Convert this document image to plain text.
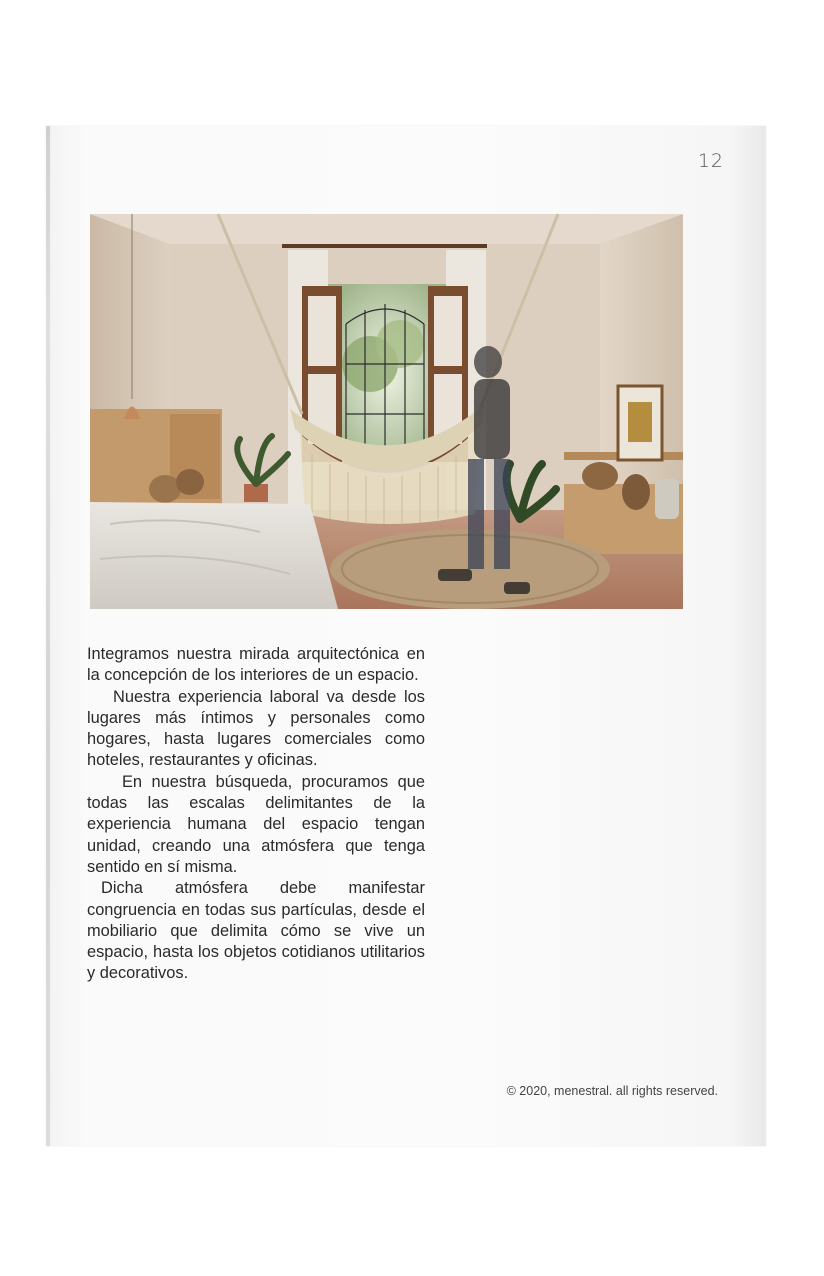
12

Integramos nuestra mirada arquitectónica en la concepción de los interiores de un espacio.

Nuestra experiencia laboral va desde los lugares más íntimos y personales como hogares, hasta lugares comerciales como hoteles, restaurantes y oficinas.

En nuestra búsqueda, procuramos que todas las escalas delimitantes de la experiencia humana del espacio tengan unidad, creando una atmósfera que tenga sentido en sí misma.

Dicha atmósfera debe manifestar congruencia en todas sus partículas, desde el mobiliario que delimita cómo se vive un espacio, hasta los objetos cotidianos utilitarios y decorativos.

© 2020, menestral. all rights reserved.
